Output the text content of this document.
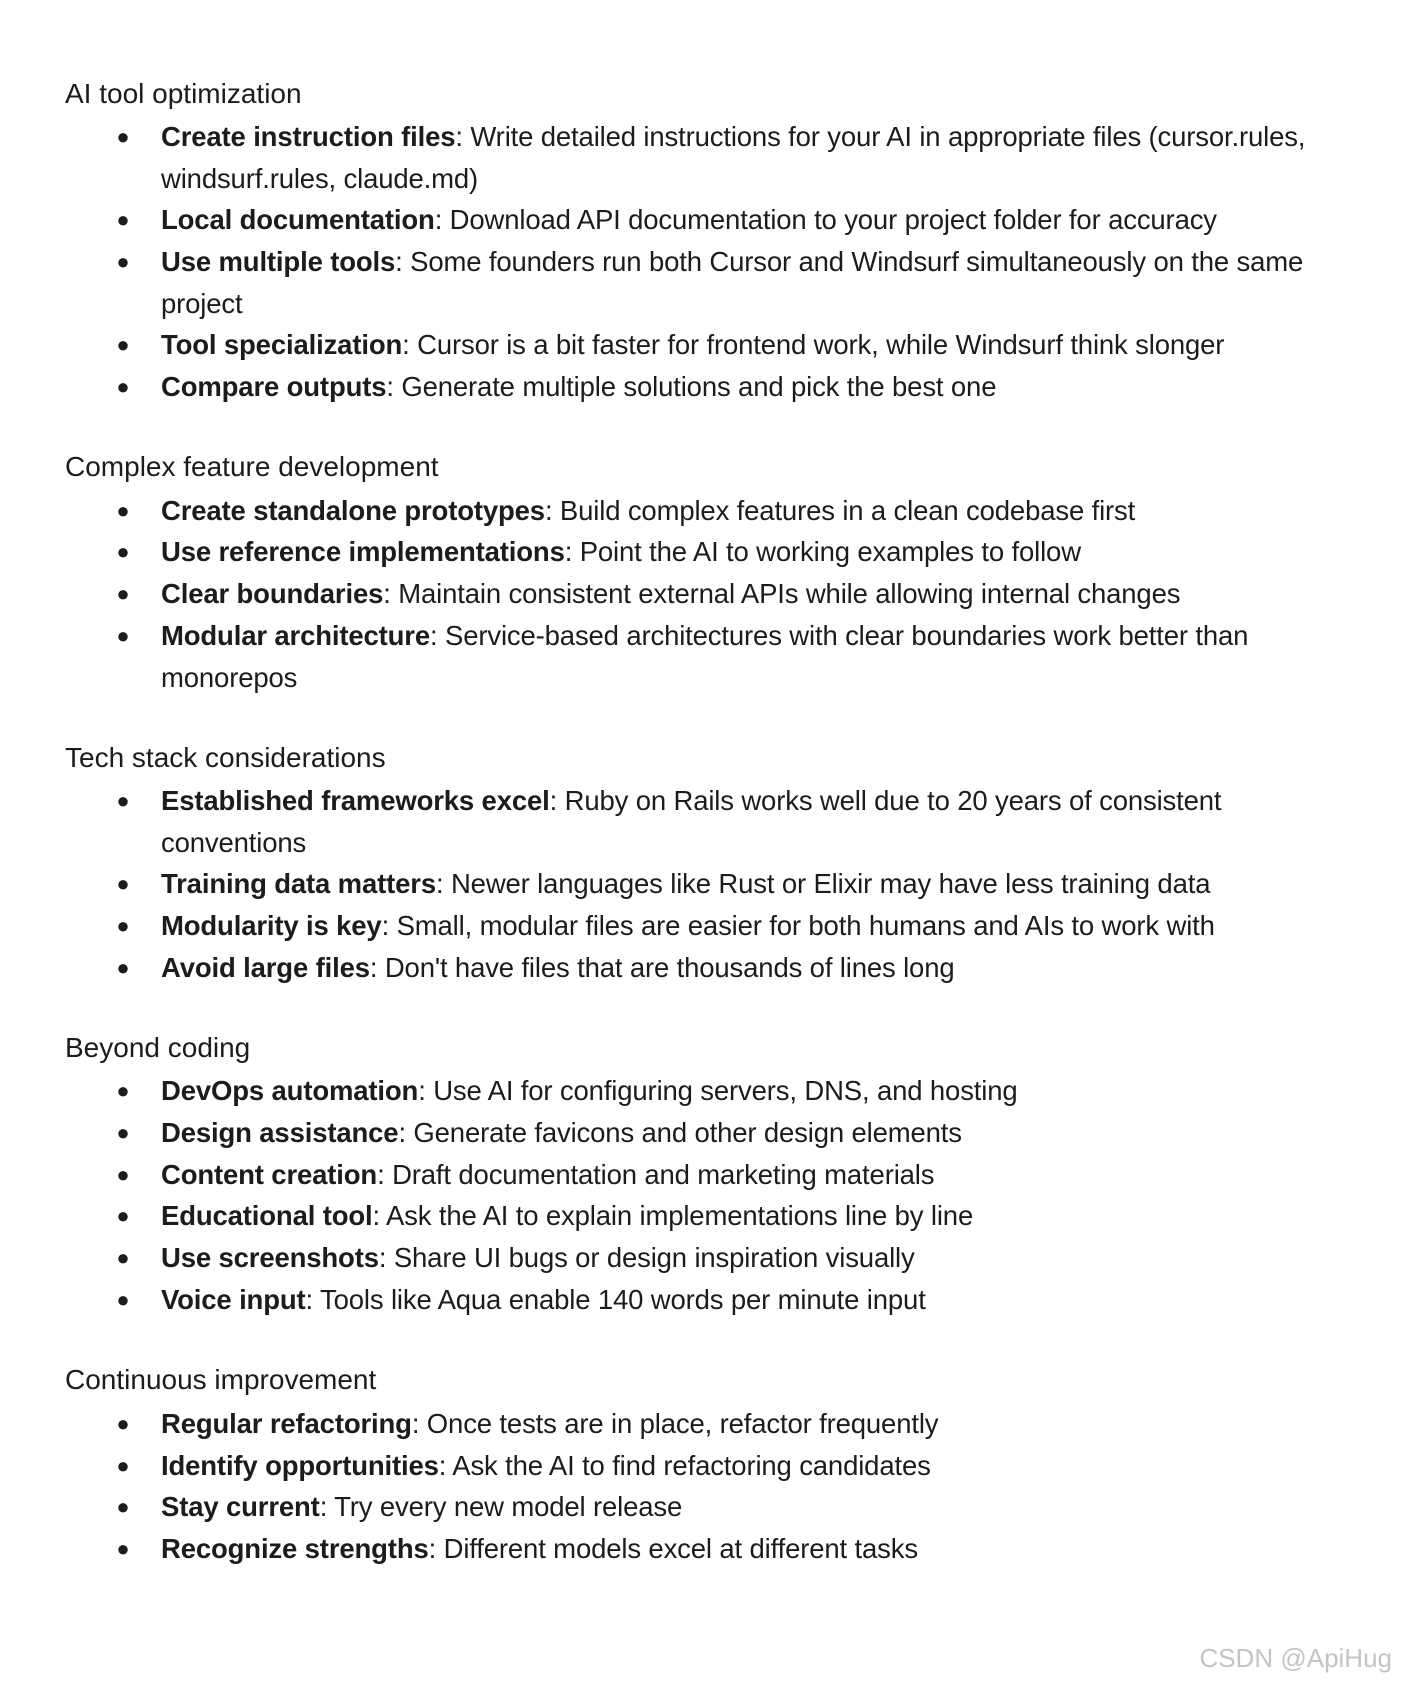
AI tool optimization
● Create instruction files: Write detailed instructions for your AI in appropriate files (cursor.rules, windsurf.rules, claude.md)
● Local documentation: Download API documentation to your project folder for accuracy
● Use multiple tools: Some founders run both Cursor and Windsurf simultaneously on the same project
● Tool specialization: Cursor is a bit faster for frontend work, while Windsurf think slonger
● Compare outputs: Generate multiple solutions and pick the best one
Complex feature development
● Create standalone prototypes: Build complex features in a clean codebase first
● Use reference implementations: Point the AI to working examples to follow
● Clear boundaries: Maintain consistent external APIs while allowing internal changes
● Modular architecture: Service-based architectures with clear boundaries work better than monorepos
Tech stack considerations
● Established frameworks excel: Ruby on Rails works well due to 20 years of consistent conventions
● Training data matters: Newer languages like Rust or Elixir may have less training data
● Modularity is key: Small, modular files are easier for both humans and AIs to work with
● Avoid large files: Don't have files that are thousands of lines long
Beyond coding
● DevOps automation: Use AI for configuring servers, DNS, and hosting
● Design assistance: Generate favicons and other design elements
● Content creation: Draft documentation and marketing materials
● Educational tool: Ask the AI to explain implementations line by line
● Use screenshots: Share UI bugs or design inspiration visually
● Voice input: Tools like Aqua enable 140 words per minute input
Continuous improvement
● Regular refactoring: Once tests are in place, refactor frequently
● Identify opportunities: Ask the AI to find refactoring candidates
● Stay current: Try every new model release
● Recognize strengths: Different models excel at different tasks
CSDN @ApiHug
